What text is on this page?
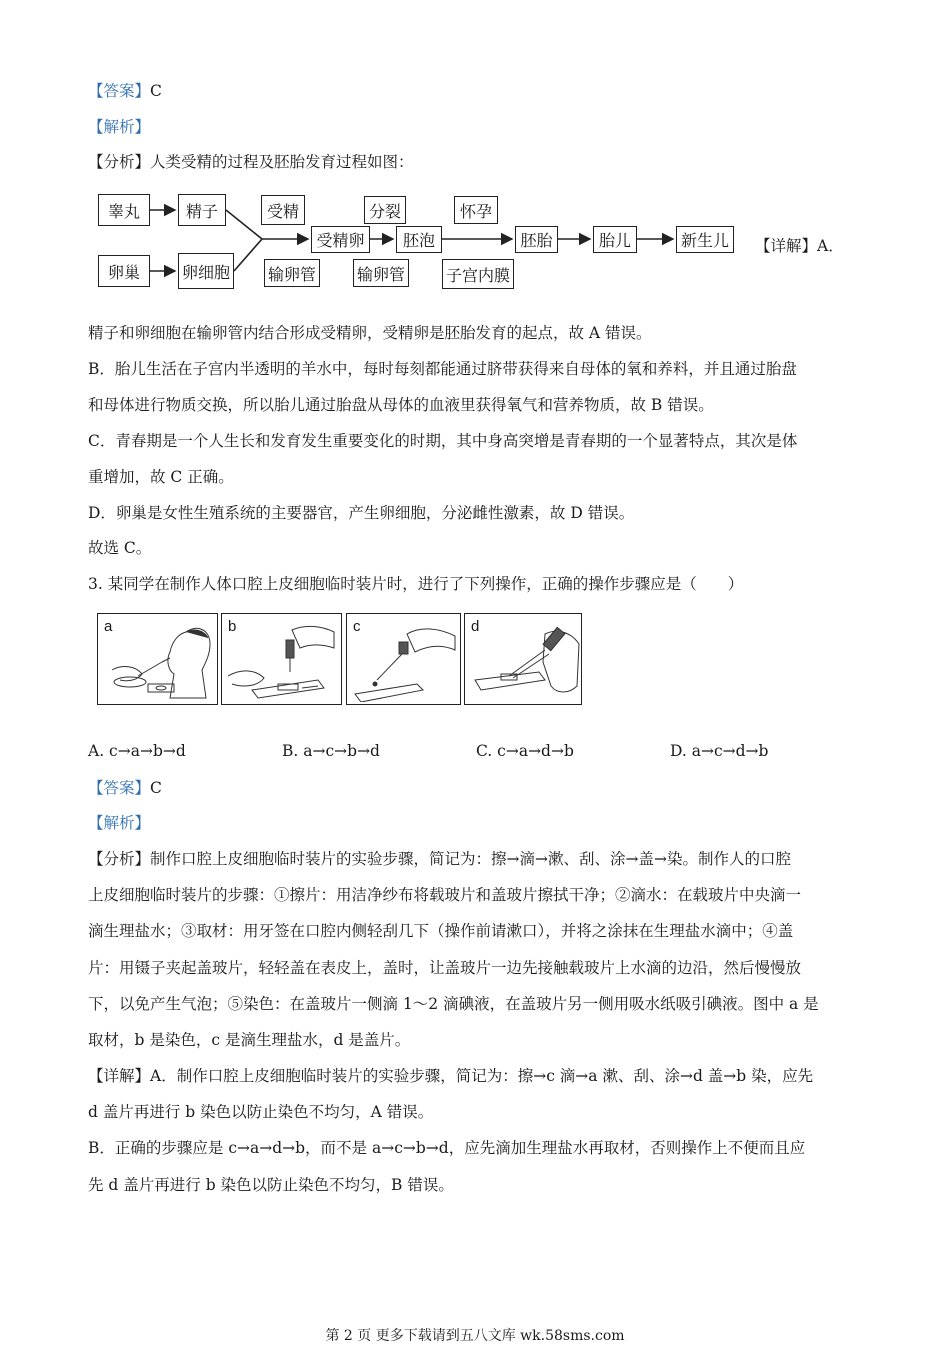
【答案】C
【解析】
【分析】人类受精的过程及胚胎发育过程如图：
睾丸	精子
卵巢	卵细胞
受精
受精卵
输卵管
分裂
胚泡
输卵管
怀孕
子宫内膜
胚胎	胎儿	新生儿	【详解】A．
精子和卵细胞在输卵管内结合形成受精卵，受精卵是胚胎发育的起点，故 A 错误。
B．胎儿生活在子宫内半透明的羊水中，每时每刻都能通过脐带获得来自母体的氧和养料，并且通过胎盘
和母体进行物质交换，所以胎儿通过胎盘从母体的血液里获得氧气和营养物质，故 B 错误。
C．青春期是一个人生长和发育发生重要变化的时期，其中身高突增是青春期的一个显著特点，其次是体
重增加，故 C 正确。
D．卵巢是女性生殖系统的主要器官，产生卵细胞，分泌雌性激素，故 D 错误。
故选 C。
3. 某同学在制作人体口腔上皮细胞临时装片时，进行了下列操作，正确的操作步骤应是（　　）
a	b	c	d
A. c→a→b→d	B. a→c→b→d	C. c→a→d→b	D. a→c→d→b
【答案】C
【解析】
【分析】制作口腔上皮细胞临时装片的实验步骤，简记为：擦→滴→漱、刮、涂→盖→染。制作人的口腔
上皮细胞临时装片的步骤：①擦片：用洁净纱布将载玻片和盖玻片擦拭干净；②滴水：在载玻片中央滴一
滴生理盐水；③取材：用牙签在口腔内侧轻刮几下（操作前请漱口），并将之涂抹在生理盐水滴中；④盖
片：用镊子夹起盖玻片，轻轻盖在表皮上，盖时，让盖玻片一边先接触载玻片上水滴的边沿，然后慢慢放
下，以免产生气泡；⑤染色：在盖玻片一侧滴 1～2 滴碘液，在盖玻片另一侧用吸水纸吸引碘液。图中 a 是
取材，b 是染色，c 是滴生理盐水，d 是盖片。
【详解】A．制作口腔上皮细胞临时装片的实验步骤，简记为：擦→c 滴→a 漱、刮、涂→d 盖→b 染，应先
d 盖片再进行 b 染色以防止染色不均匀，A 错误。
B．正确的步骤应是 c→a→d→b，而不是 a→c→b→d，应先滴加生理盐水再取材，否则操作上不便而且应
先 d 盖片再进行 b 染色以防止染色不均匀，B 错误。
第 2 页 更多下载请到五八文库 wk.58sms.com
